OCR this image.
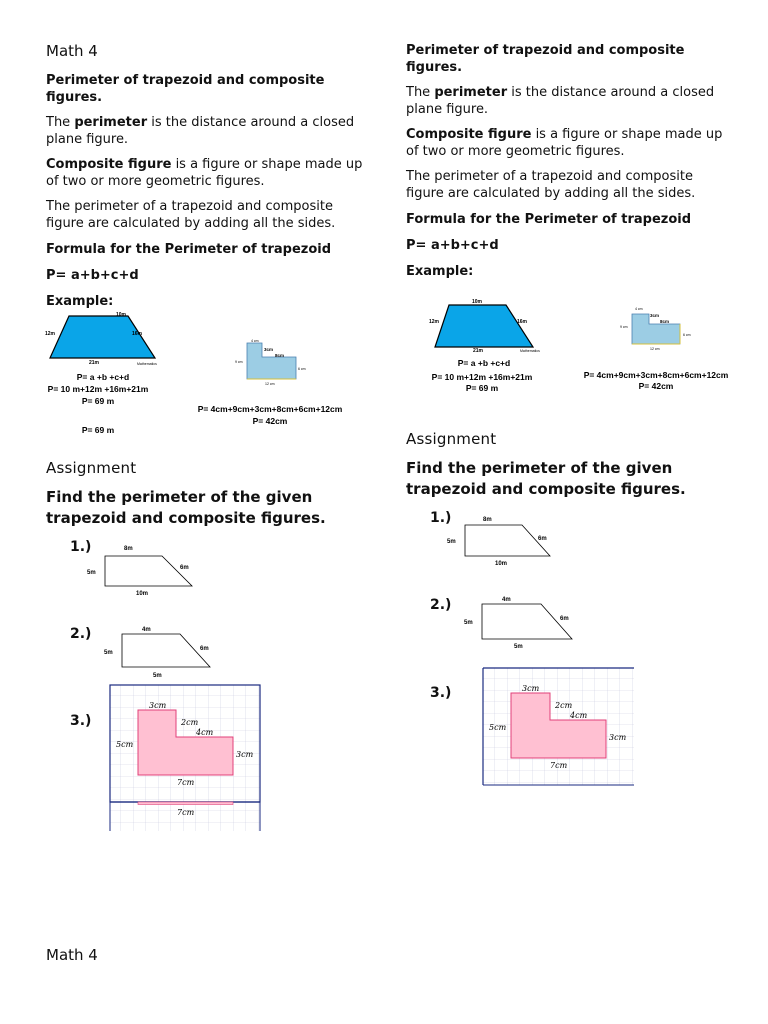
Math 4
Perimeter of trapezoid and composite figures.
The perimeter is the distance around a closed plane figure.
Composite figure is a figure or shape made up of two or more geometric figures.
The perimeter of a trapezoid and composite figure are calculated by adding all the sides.
Formula for the Perimeter of trapezoid
P= a+b+c+d
Example:
10m
12m	16m
21m	Mathematics
P= a +b +c+d
P= 10 m+12m +16m+21m
P= 69 m
P= 69 m
4 cm
9 cm
3cm
8cm
6 cm
12 cm
P= 4cm+9cm+3cm+8cm+6cm+12cm
P= 42cm
Assignment
Find the perimeter of the given trapezoid and composite figures.
1.)	8m
5m
6m
10m
2.)	4m
5m
6m
5m
3.)
3cm
2cm
4cm
5cm
3cm
7cm
7cm
Math 4
Perimeter of trapezoid and composite figures.
The perimeter is the distance around a closed plane figure.
Composite figure is a figure or shape made up of two or more geometric figures.
The perimeter of a trapezoid and composite figure are calculated by adding all the sides.
Formula for the Perimeter of trapezoid
P= a+b+c+d
Example:
10m
12m	16m
21m	Mathematics
P= a +b +c+d
P= 10 m+12m +16m+21m
P= 69 m
4 cm
9 cm
3cm
8cm
6 cm
12 cm
P= 4cm+9cm+3cm+8cm+6cm+12cm
P= 42cm
Assignment
Find the perimeter of the given trapezoid and composite figures.
1.)	8m
5m	6m
10m
2.)	4m
5m
6m
5m
3.)	3cm
2cm
4cm
5cm
3cm
7cm
